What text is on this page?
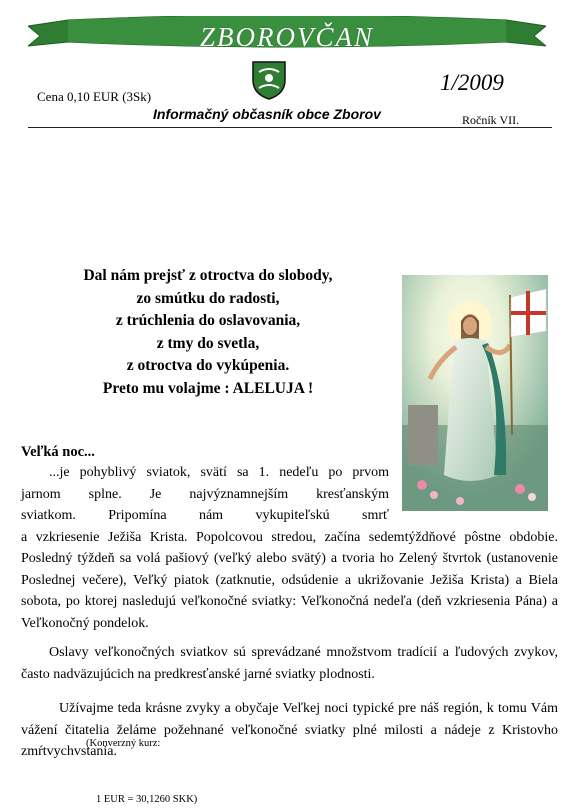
ZBOROVČAN
Cena 0,10 EUR (3Sk)
(Konverzný kurz:
1 EUR = 30,1260 SKK)
Informačný občasník obce Zborov
1/2009
Ročník VII.
Dal nám prejsť z otroctva do slobody,
zo smútku do radosti,
z trúchlenia do oslavovania,
z tmy do svetla,
z otroctva do vykúpenia.
Preto mu volajme : ALELUJA !
Veľká noc...
...je pohyblivý sviatok, svätí sa 1. nedeľu po prvom
jarnom splne. Je najvýznamnejším kresťanským
sviatkom. Pripomína nám vykupiteľskú smrť
a vzkriesenie Ježiša Krista. Popolcovou stredou, začína sedemtýždňové pôstne obdobie. Posledný týždeň sa volá pašiový (veľký alebo svätý) a tvoria ho Zelený štvrtok (ustanovenie Poslednej večere), Veľký piatok (zatknutie, odsúdenie a ukrižovanie Ježiša Krista) a Biela sobota, po ktorej nasledujú veľkonočné sviatky: Veľkonočná nedeľa (deň vzkriesenia Pána) a Veľkonočný pondelok.
Oslavy veľkonočných sviatkov sú sprevádzané množstvom tradícií a ľudových zvykov, často nadväzujúcich na predkresťanské jarné sviatky plodnosti.
Užívajme teda krásne zvyky a obyčaje Veľkej noci typické pre náš región, k tomu Vám vážení čitatelia želáme požehnané veľkonočné sviatky plné milosti a nádeje z Kristovho zmŕtvychvstania.
